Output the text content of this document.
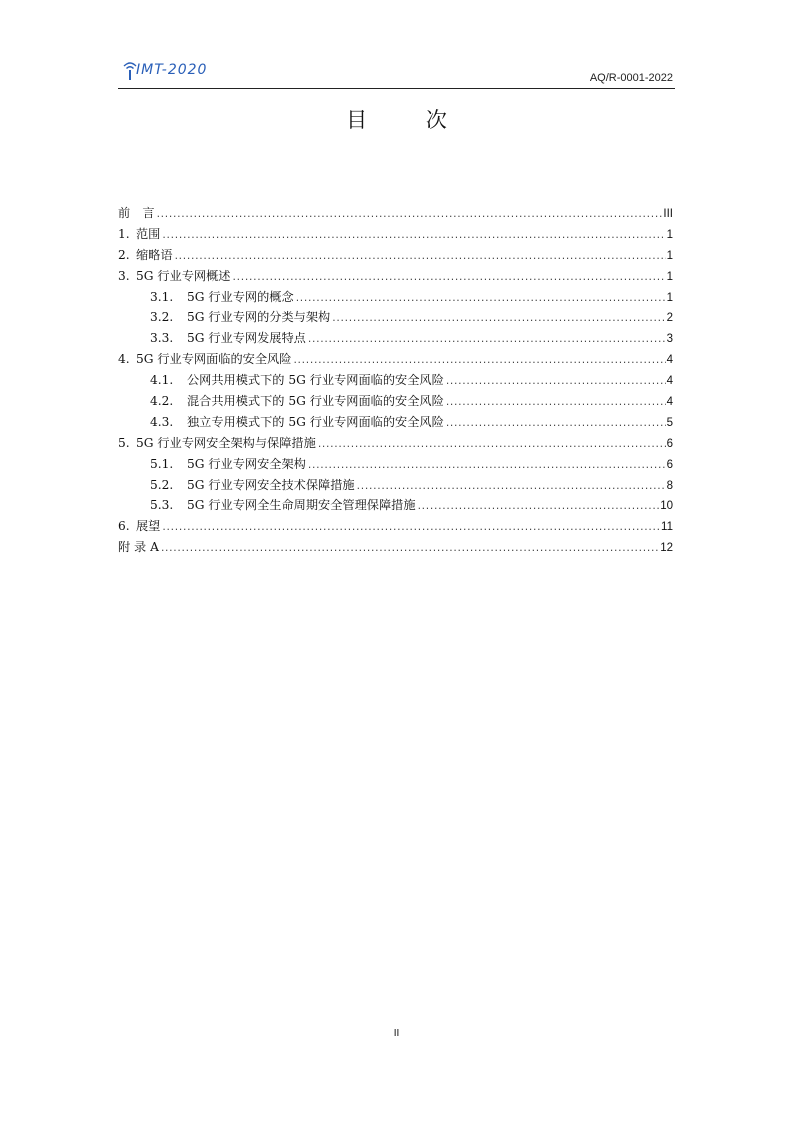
IMT-2020	AQ/R-0001-2022
目 次
前　言 .....	III
1. 范围 .....	1
2. 缩略语 .....	1
3. 5G 行业专网概述 .....	1
3.1.	5G 行业专网的概念 .....	1
3.2.	5G 行业专网的分类与架构 .....	2
3.3.	5G 行业专网发展特点 .....	3
4. 5G 行业专网面临的安全风险 .....	4
4.1.	公网共用模式下的 5G 行业专网面临的安全风险 .....	4
4.2.	混合共用模式下的 5G 行业专网面临的安全风险 .....	4
4.3.	独立专用模式下的 5G 行业专网面临的安全风险 .....	5
5. 5G 行业专网安全架构与保障措施 .....	6
5.1.	5G 行业专网安全架构 .....	6
5.2.	5G 行业专网安全技术保障措施 .....	8
5.3.	5G 行业专网全生命周期安全管理保障措施 .....	10
6. 展望 .....	11
附 录 A .....	12
II
